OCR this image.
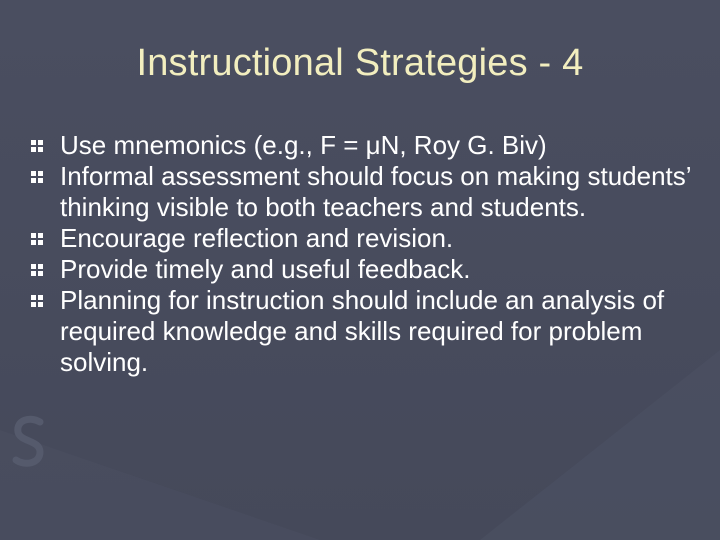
Instructional Strategies - 4
Use mnemonics (e.g., F = μN, Roy G. Biv)
Informal assessment should focus on making students’ thinking visible to both teachers and students.
Encourage reflection and revision.
Provide timely and useful feedback.
Planning for instruction should include an analysis of required knowledge and skills required for problem solving.
